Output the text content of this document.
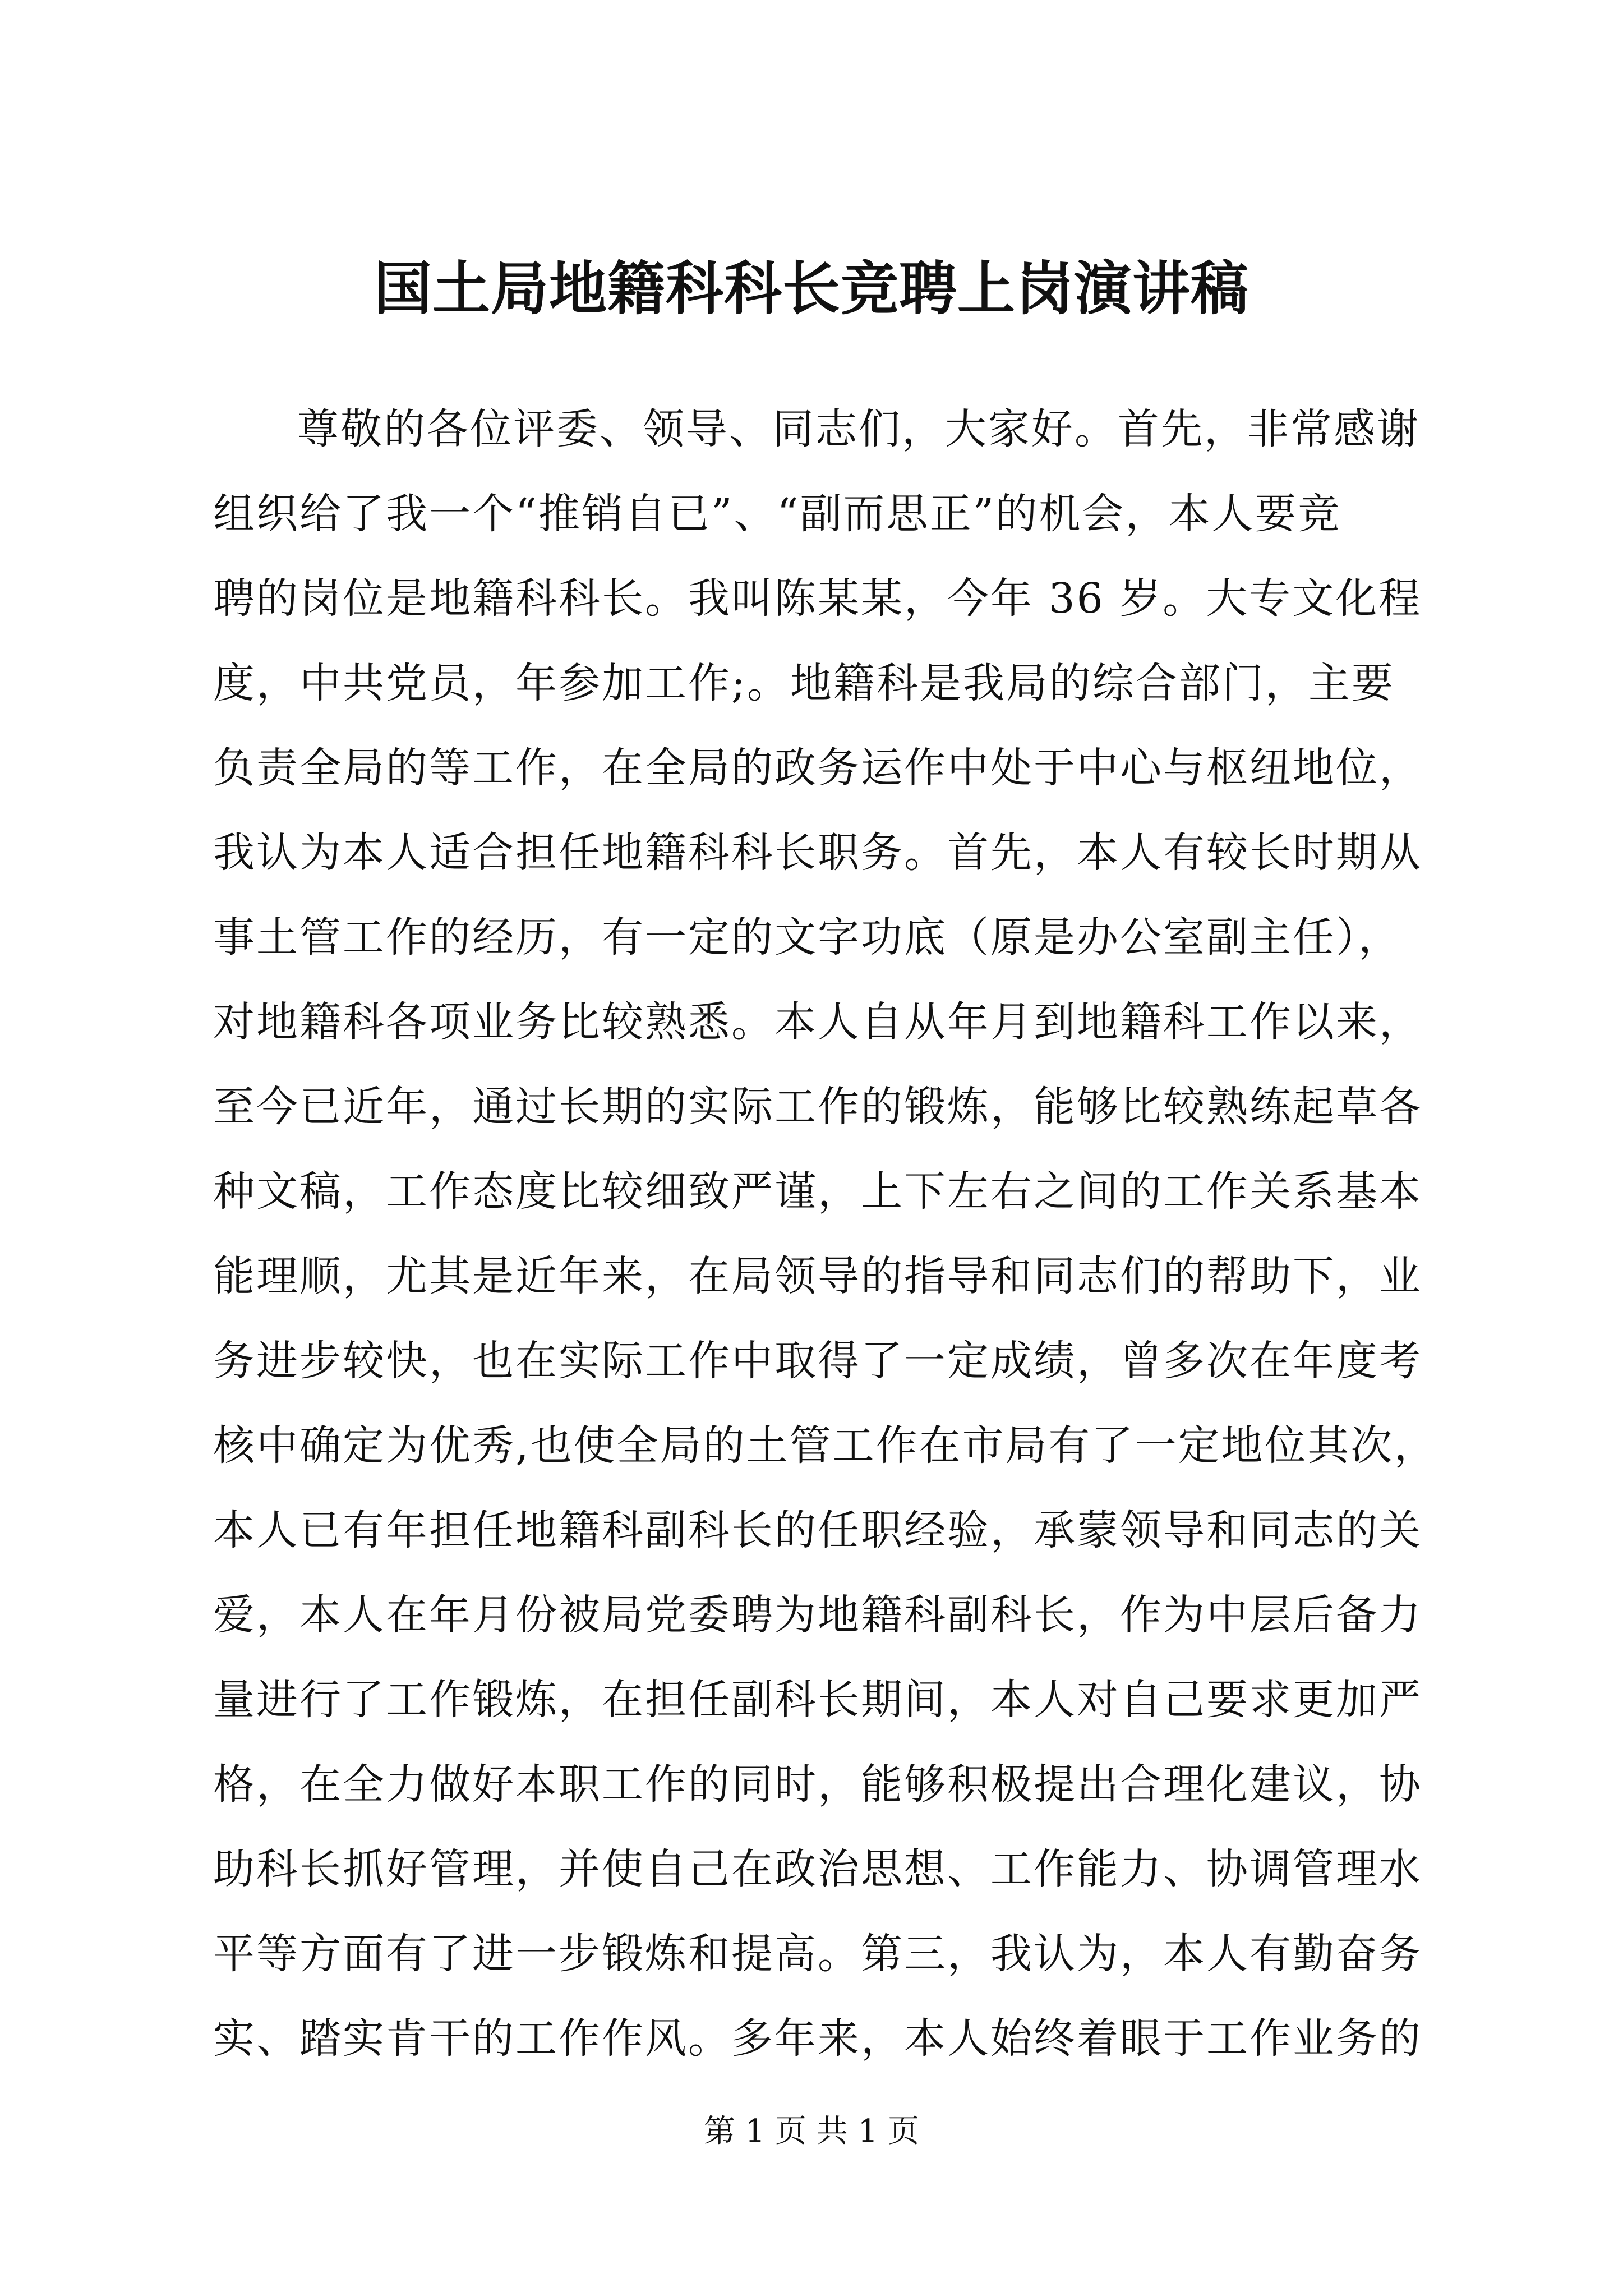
国土局地籍科科长竞聘上岗演讲稿
尊敬的各位评委、领导、同志们，大家好。首先，非常感谢
组织给了我一个“推销自已”、“副而思正”的机会，本人要竞
聘的岗位是地籍科科长。我叫陈某某，今年 36 岁。大专文化程
度，中共党员，年参加工作;。地籍科是我局的综合部门，主要
负责全局的等工作，在全局的政务运作中处于中心与枢纽地位，
我认为本人适合担任地籍科科长职务。首先，本人有较长时期从
事土管工作的经历，有一定的文字功底（原是办公室副主任），
对地籍科各项业务比较熟悉。本人自从年月到地籍科工作以来，
至今已近年，通过长期的实际工作的锻炼，能够比较熟练起草各
种文稿，工作态度比较细致严谨，上下左右之间的工作关系基本
能理顺，尤其是近年来，在局领导的指导和同志们的帮助下，业
务进步较快，也在实际工作中取得了一定成绩，曾多次在年度考
核中确定为优秀,也使全局的土管工作在市局有了一定地位其次，
本人已有年担任地籍科副科长的任职经验，承蒙领导和同志的关
爱，本人在年月份被局党委聘为地籍科副科长，作为中层后备力
量进行了工作锻炼，在担任副科长期间，本人对自己要求更加严
格，在全力做好本职工作的同时，能够积极提出合理化建议，协
助科长抓好管理，并使自己在政治思想、工作能力、协调管理水
平等方面有了进一步锻炼和提高。第三，我认为，本人有勤奋务
实、踏实肯干的工作作风。多年来，本人始终着眼于工作业务的
第 1 页 共 1 页
